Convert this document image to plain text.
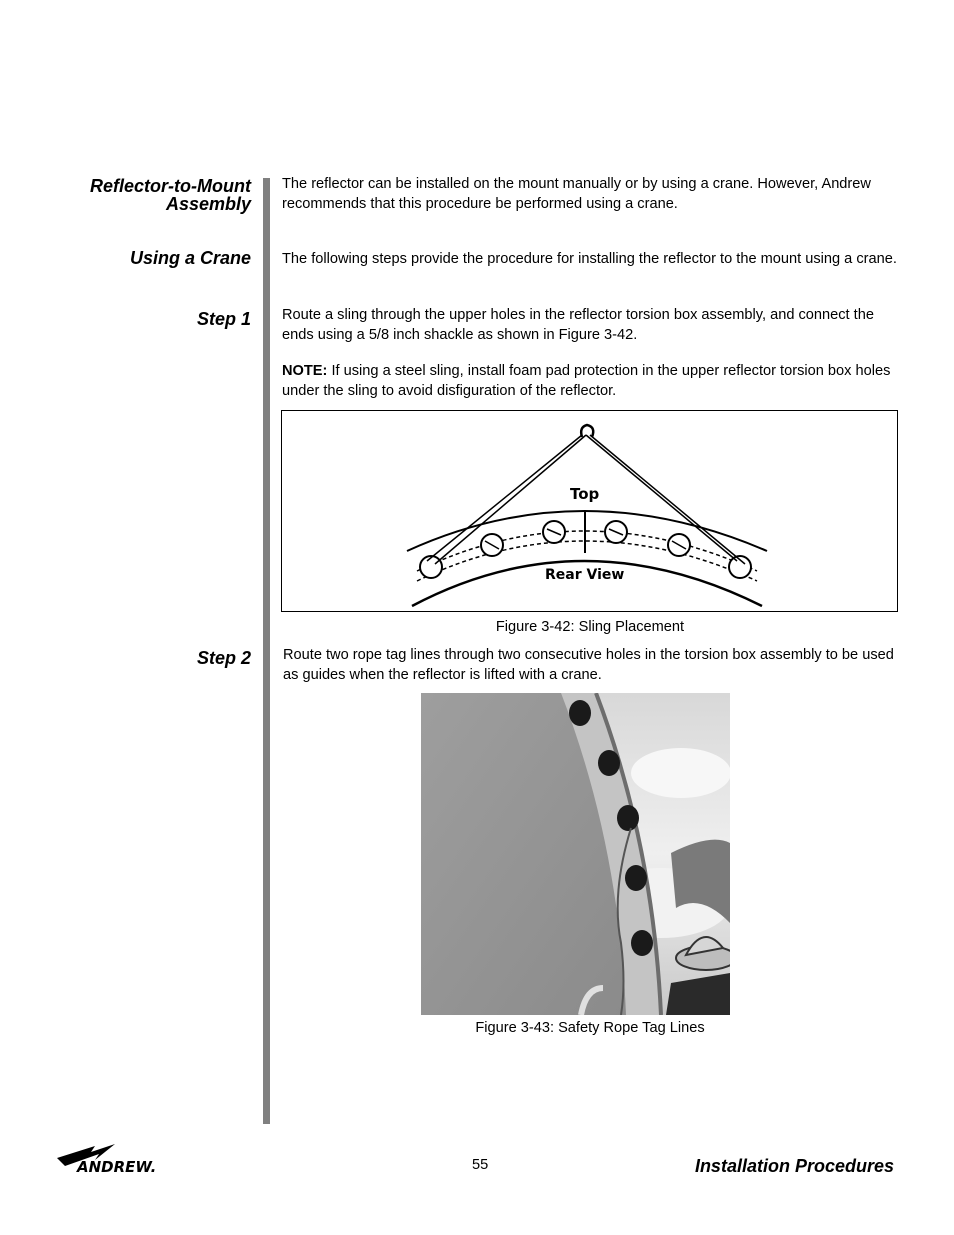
Reflector-to-Mount
Assembly
Using a Crane
Step 1
Step 2
The reflector can be installed on the mount manually or by using a crane. However, Andrew recommends that this procedure be performed using a crane.
The following steps provide the procedure for installing the reflector to the mount using a crane.
Route a sling through the upper holes in the reflector torsion box assembly, and connect the ends using a 5/8 inch shackle as shown in Figure 3-42.
NOTE: If using a steel sling, install foam pad protection in the upper reflector torsion box holes under the sling to avoid disfiguration of the reflector.
Top
Rear View
Figure 3-42: Sling Placement
Route two rope tag lines through two consecutive holes in the torsion box assembly to be used as guides when the reflector is lifted with a crane.
Figure 3-43: Safety Rope Tag Lines
ANDREW.	55	Installation Procedures
